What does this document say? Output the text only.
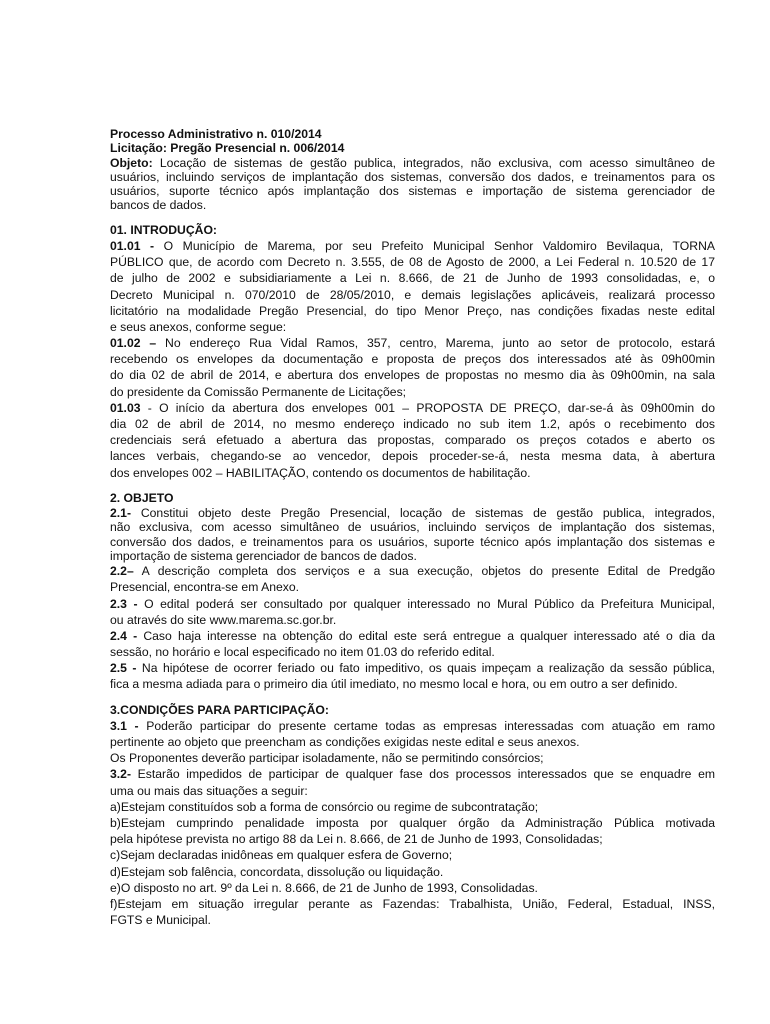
Processo Administrativo n. 010/2014
Licitação: Pregão Presencial n. 006/2014
Objeto: Locação de sistemas de gestão publica, integrados, não exclusiva, com acesso simultâneo de
usuários, incluindo serviços de implantação dos sistemas, conversão dos dados, e treinamentos para os
usuários, suporte técnico após implantação dos sistemas e importação de sistema gerenciador de
bancos de dados.
01. INTRODUÇÃO:
01.01 - O Município de Marema, por seu Prefeito Municipal Senhor Valdomiro Bevilaqua, TORNA
PÚBLICO que, de acordo com Decreto n. 3.555, de 08 de Agosto de 2000, a Lei Federal n. 10.520 de 17
de julho de 2002 e subsidiariamente a Lei n. 8.666, de 21 de Junho de 1993 consolidadas, e, o
Decreto Municipal n. 070/2010 de 28/05/2010, e demais legislações aplicáveis, realizará processo
licitatório na modalidade Pregão Presencial, do tipo Menor Preço, nas condições fixadas neste edital
e seus anexos, conforme segue:
01.02 – No endereço Rua Vidal Ramos, 357, centro, Marema, junto ao setor de protocolo, estará
recebendo os envelopes da documentação e proposta de preços dos interessados até às 09h00min
do dia 02 de abril de 2014, e abertura dos envelopes de propostas no mesmo dia às 09h00min, na sala
do presidente da Comissão Permanente de Licitações;
01.03 - O início da abertura dos envelopes 001 – PROPOSTA DE PREÇO, dar-se-á às 09h00min do
dia 02 de abril de 2014, no mesmo endereço indicado no sub item 1.2, após o recebimento dos
credenciais será efetuado a abertura das propostas, comparado os preços cotados e aberto os
lances verbais, chegando-se ao vencedor, depois proceder-se-á, nesta mesma data, à abertura
dos envelopes 002 – HABILITAÇÃO, contendo os documentos de habilitação.
2. OBJETO
2.1- Constitui objeto deste Pregão Presencial, locação de sistemas de gestão publica, integrados,
não exclusiva, com acesso simultâneo de usuários, incluindo serviços de implantação dos sistemas,
conversão dos dados, e treinamentos para os usuários, suporte técnico após implantação dos sistemas e
importação de sistema gerenciador de bancos de dados.
2.2– A descrição completa dos serviços e a sua execução, objetos do presente Edital de Predgão
Presencial, encontra-se em Anexo.
2.3 - O edital poderá ser consultado por qualquer interessado no Mural Público da Prefeitura Municipal,
ou através do site www.marema.sc.gor.br.
2.4 - Caso haja interesse na obtenção do edital este será entregue a qualquer interessado até o dia da
sessão, no horário e local especificado no item 01.03 do referido edital.
2.5 - Na hipótese de ocorrer feriado ou fato impeditivo, os quais impeçam a realização da sessão pública,
fica a mesma adiada para o primeiro dia útil imediato, no mesmo local e hora, ou em outro a ser definido.
3.CONDIÇÕES PARA PARTICIPAÇÃO:
3.1 - Poderão participar do presente certame todas as empresas interessadas com atuação em ramo
pertinente ao objeto que preencham as condições exigidas neste edital e seus anexos.
Os Proponentes deverão participar isoladamente, não se permitindo consórcios;
3.2- Estarão impedidos de participar de qualquer fase dos processos interessados que se enquadre em
uma ou mais das situações a seguir:
a)Estejam constituídos sob a forma de consórcio ou regime de subcontratação;
b)Estejam cumprindo penalidade imposta por qualquer órgão da Administração Pública motivada
pela hipótese prevista no artigo 88 da Lei n. 8.666, de 21 de Junho de 1993, Consolidadas;
c)Sejam declaradas inidôneas em qualquer esfera de Governo;
d)Estejam sob falência, concordata, dissolução ou liquidação.
e)O disposto no art. 9º da Lei n. 8.666, de 21 de Junho de 1993, Consolidadas.
f)Estejam em situação irregular perante as Fazendas: Trabalhista, União, Federal, Estadual, INSS,
FGTS e Municipal.
